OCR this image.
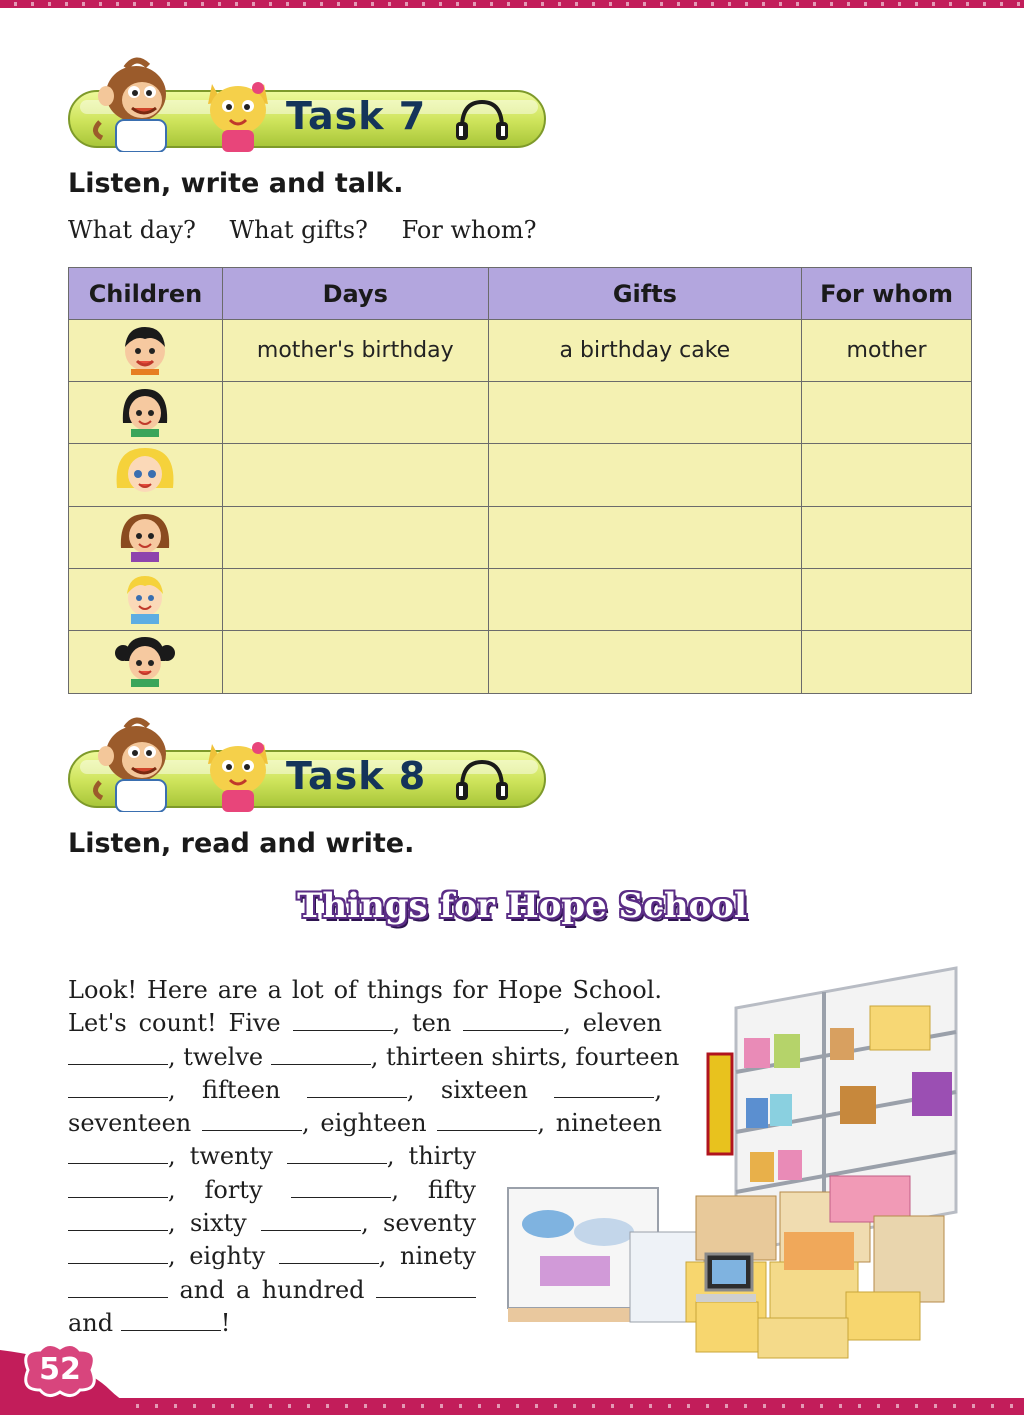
Task 7
Listen, write and talk.
What day? What gifts? For whom?
Children	Days	Gifts	For whom
	mother's birthday	a birthday cake	mother

Task 8
Listen, read and write.
Things for Hope School
Look! Here are a lot of things for Hope School.
Let's count! Five	, ten	, eleven
, twelve	, thirteen shirts, fourteen
, fifteen	, sixteen	,
seventeen	, eighteen	, nineteen
, twenty	, thirty
, forty	, fifty
, sixty	, seventy
, eighty	, ninety
and a hundred
and	!
52
